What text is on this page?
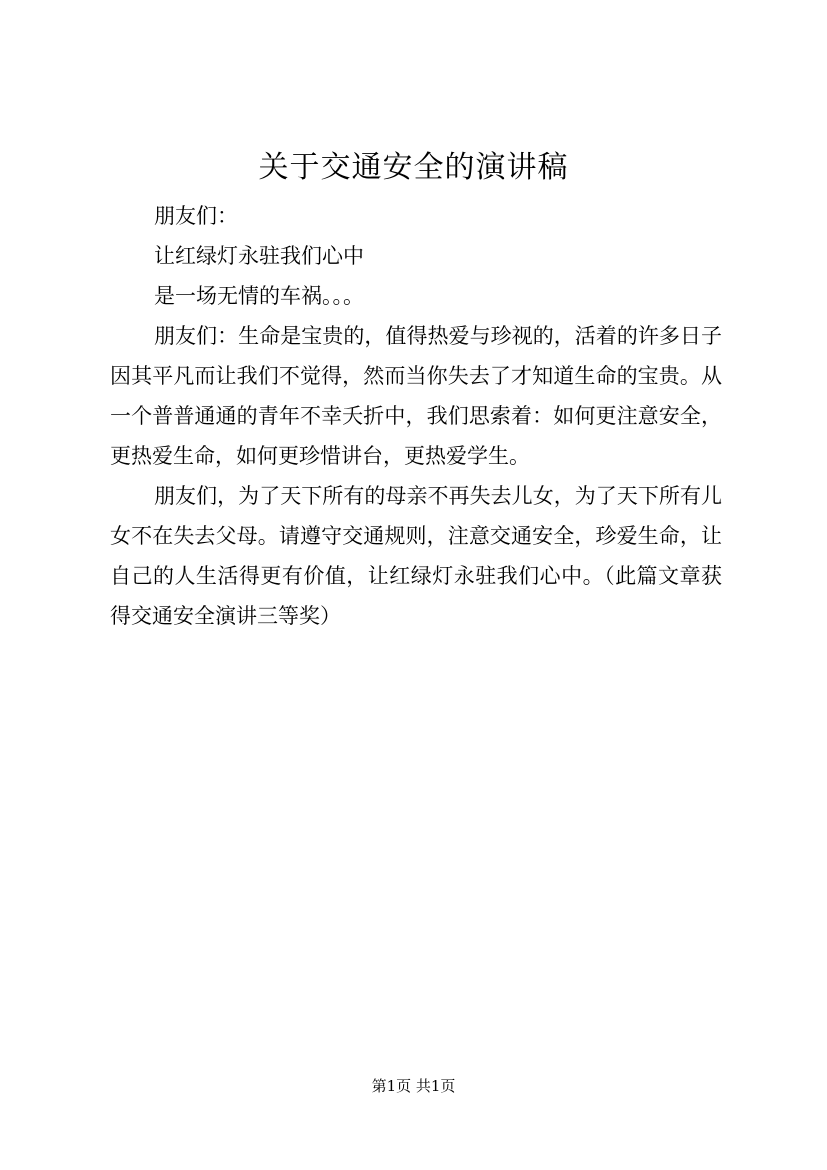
关于交通安全的演讲稿

朋友们：

让红绿灯永驻我们心中

是一场无情的车祸。。。

朋友们：生命是宝贵的，值得热爱与珍视的，活着的许多日子因其平凡而让我们不觉得，然而当你失去了才知道生命的宝贵。从一个普普通通的青年不幸夭折中，我们思索着：如何更注意安全，更热爱生命，如何更珍惜讲台，更热爱学生。

朋友们，为了天下所有的母亲不再失去儿女，为了天下所有儿女不在失去父母。请遵守交通规则，注意交通安全，珍爱生命，让自己的人生活得更有价值，让红绿灯永驻我们心中。（此篇文章获得交通安全演讲三等奖）

第1页 共1页
